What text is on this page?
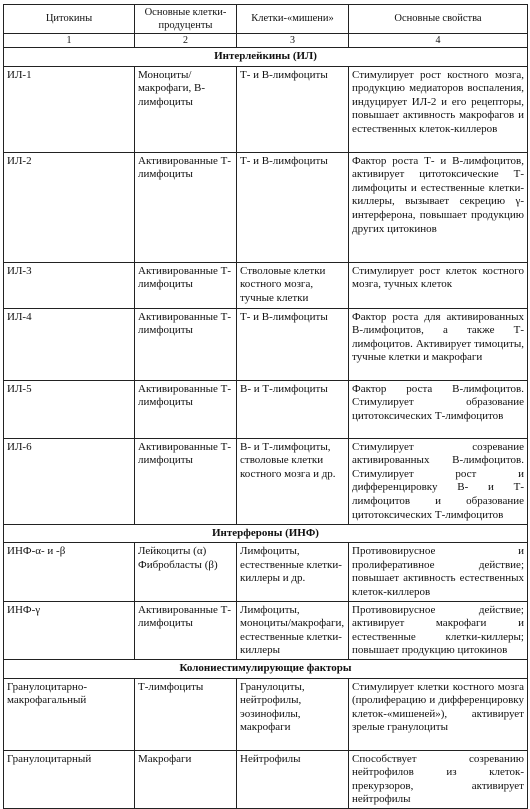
Цитокины	Основные клетки-продуценты	Клетки-«мишени»	Основные свойства
1	2	3	4
Интерлейкины (ИЛ)			
ИЛ-1	Моноциты/макрофаги, В-лимфоциты	Т- и В-лимфоциты	Стимулирует рост костного мозга, продукцию медиаторов воспаления, индуцирует ИЛ-2 и его рецепторы, повышает активность макрофагов и естественных клеток-киллеров
ИЛ-2	Активированные Т-лимфоциты	Т- и В-лимфоциты	Фактор роста Т- и В-лимфоцитов, активирует цитотоксические Т-лимфоциты и естественные клетки-киллеры, вызывает секрецию γ-интерферона, повышает продукцию других цитокинов
ИЛ-3	Активированные Т-лимфоциты	Стволовые клетки костного мозга, тучные клетки	Стимулирует рост клеток костного мозга, тучных клеток
ИЛ-4	Активированные Т-лимфоциты	Т- и В-лимфоциты	Фактор роста для активированных В-лимфоцитов, а также Т-лимфоцитов. Активирует тимоциты, тучные клетки и макрофаги
ИЛ-5	Активированные Т-лимфоциты	В- и Т-лимфоциты	Фактор роста В-лимфоцитов. Стимулирует образование цитотоксических Т-лимфоцитов
ИЛ-6	Активированные Т-лимфоциты	В- и Т-лимфоциты, стволовые клетки костного мозга и др.	Стимулирует созревание активированных В-лимфоцитов. Стимулирует рост и дифференцировку В- и Т-лимфоцитов и образование цитотоксических Т-лимфоцитов
Интерфероны (ИНФ)			
ИНФ-α- и -β	Лейкоциты (α) Фибробласты (β)	Лимфоциты, естественные клетки-киллеры и др.	Противовирусное и пролиферативное действие; повышает активность естественных клеток-киллеров
ИНФ-γ	Активированные Т-лимфоциты	Лимфоциты, моноциты/макрофаги, естественные клетки-киллеры	Противовирусное действие; активирует макрофаги и естественные клетки-киллеры; повышает продукцию цитокинов
Колониестимулирующие факторы			
Гранулоцитарно-макрофагальный	Т-лимфоциты	Гранулоциты, нейтрофилы, эозинофилы, макрофаги	Стимулирует клетки костного мозга (пролиферацию и дифференцировку клеток-«мишеней»), активирует зрелые гранулоциты
Гранулоцитарный	Макрофаги	Нейтрофилы	Способствует созреванию нейтрофилов из клеток-прекурзоров, активирует нейтрофилы
